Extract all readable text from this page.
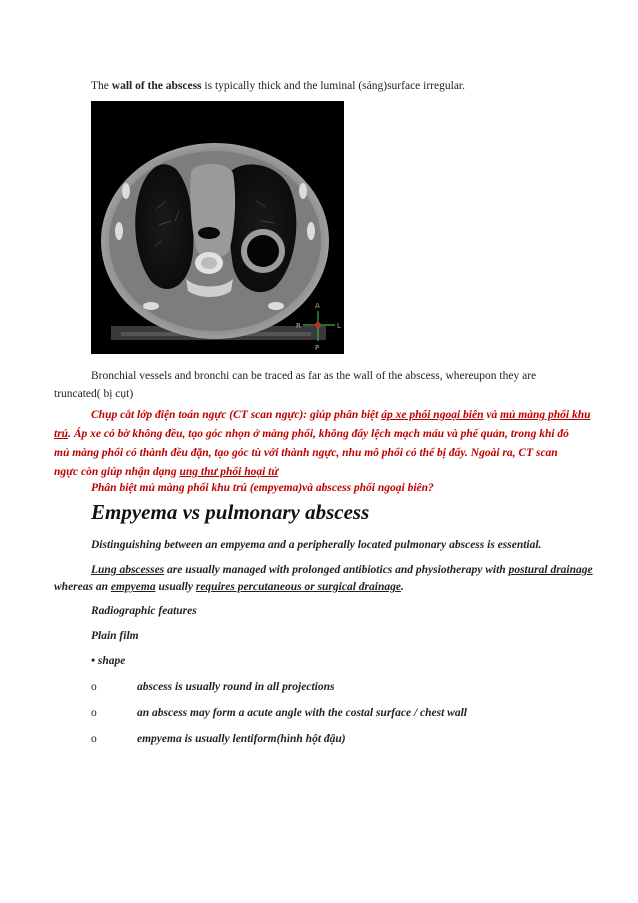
The wall of the abscess is typically thick and the luminal (sáng)surface irregular.

A
R	L
P

Bronchial vessels and bronchi can be traced as far as the wall of the abscess, whereupon they are

truncated( bị cụt)

Chụp cắt lớp điện toán ngực (CT scan ngực): giúp phân biệt áp xe phổi ngoại biên và mủ màng phổi khu

trú. Áp xe có bờ không đều, tạo góc nhọn ở màng phổi, không đẩy lệch mạch máu và phế quản, trong khi đó

mủ màng phổi có thành đều đặn, tạo góc tù với thành ngực, nhu mô phổi có thể bị đẩy. Ngoài ra, CT scan

ngực còn giúp nhận dạng ung thư phổi hoại tử

Phân biệt mủ màng phổi khu trú (empyema)và abscess phổi ngoại biên?

Empyema vs pulmonary abscess

Distinguishing between an empyema and a peripherally located pulmonary abscess is essential.

Lung abscesses are usually managed with prolonged antibiotics and physiotherapy with postural drainage

whereas an empyema usually requires percutaneous or surgical drainage.

Radiographic features

Plain film

• shape

o	abscess is usually round in all projections

o	an abscess may form a acute angle with the costal surface / chest wall

o	empyema is usually lentiform(hình hột đậu)
